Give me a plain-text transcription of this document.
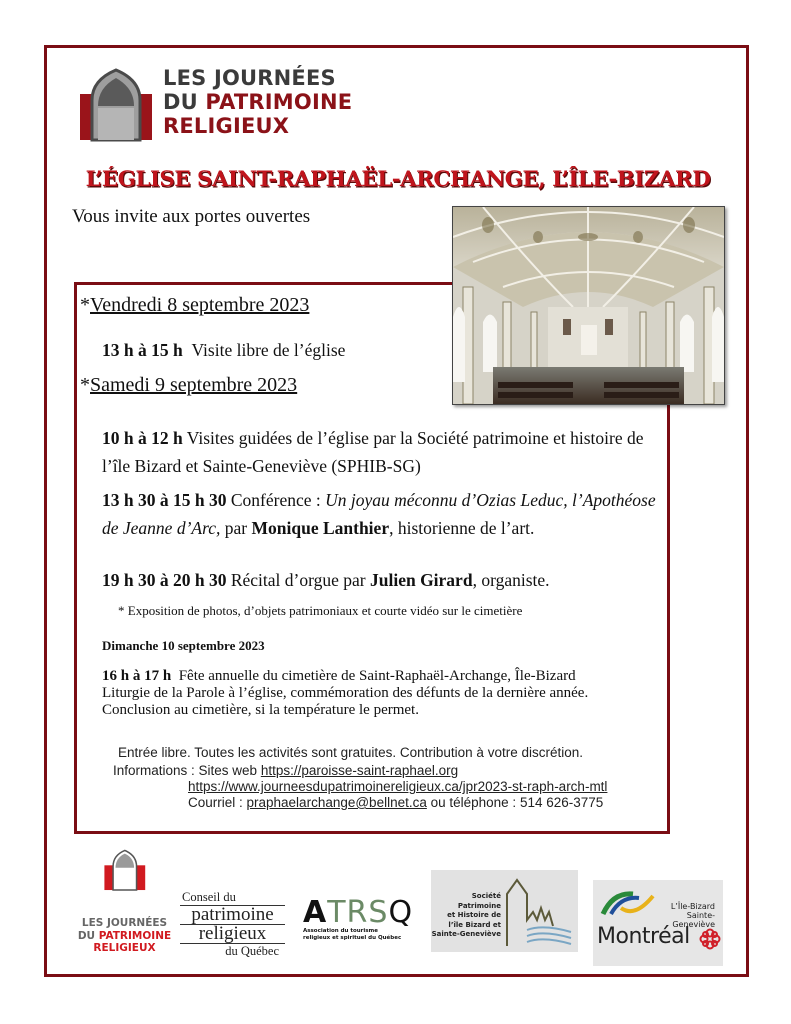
LES JOURNÉES
DU PATRIMOINE
RELIGIEUX
L’ÉGLISE SAINT-RAPHAËL-ARCHANGE, L’ÎLE-BIZARD
Vous invite aux portes ouvertes
*Vendredi 8 septembre 2023
13 h à 15 h Visite libre de l’église
*Samedi 9 septembre 2023
10 h à 12 h Visites guidées de l’église par la Société patrimoine et histoire de l’île Bizard et Sainte-Geneviève (SPHIB-SG)
13 h 30 à 15 h 30 Conférence : Un joyau méconnu d’Ozias Leduc, l’Apothéose de Jeanne d’Arc, par Monique Lanthier, historienne de l’art.
19 h 30 à 20 h 30 Récital d’orgue par Julien Girard, organiste.
* Exposition de photos, d’objets patrimoniaux et courte vidéo sur le cimetière
Dimanche 10 septembre 2023
16 h à 17 h Fête annuelle du cimetière de Saint-Raphaël-Archange, Île-Bizard
Liturgie de la Parole à l’église, commémoration des défunts de la dernière année.
Conclusion au cimetière, si la température le permet.
Entrée libre. Toutes les activités sont gratuites. Contribution à votre discrétion.
Informations : Sites web https://paroisse-saint-raphael.org
https://www.journeesdupatrimoinereligieux.ca/jpr2023-st-raph-arch-mtl
Courriel : praphaelarchange@bellnet.ca ou téléphone : 514 626-3775
LES JOURNÉES
DU PATRIMOINE
RELIGIEUX
Conseil du
patrimoine
religieux
du Québec
ATRSQ
Association du tourisme
religieux et spirituel du Québec
Société
Patrimoine
et Histoire de
l’île Bizard et
Sainte-Geneviève
L’Île-Bizard
Sainte-Geneviève
Montréal
